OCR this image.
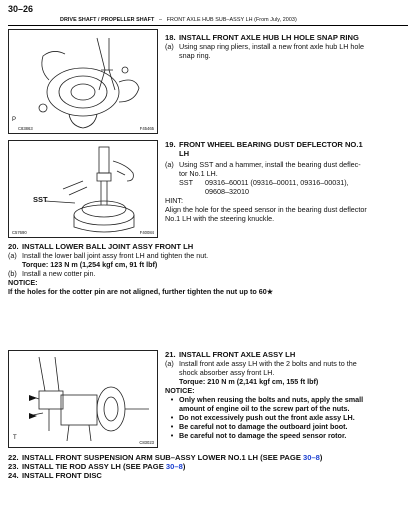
30–26
DRIVE SHAFT / PROPELLER SHAFT – FRONT AXLE HUB SUB–ASSY LH (From July, 2003)
P
C83863	F45465
18. INSTALL FRONT AXLE HUB LH HOLE SNAP RING
(a) Using snap ring pliers, install a new front axle hub LH hole
snap ring.
SST
C57690	F40084
19. FRONT WHEEL BEARING DUST DEFLECTOR NO.1
LH
(a) Using SST and a hammer, install the bearing dust deflec-
tor No.1 LH.
SST	09316–60011 (09316–00011, 09316–00031),
09608–32010
HINT:
Align the hole for the speed sensor in the bearing dust deflector
No.1 LH with the steering knuckle.
20. INSTALL LOWER BALL JOINT ASSY FRONT LH
(a) Install the lower ball joint assy front LH and tighten the nut.
Torque: 123 N m (1,254 kgf cm, 91 ft lbf)
(b) Install a new cotter pin.
NOTICE:
If the holes for the cotter pin are not aligned, further tighten the nut up to 60★
T
C83023
21. INSTALL FRONT AXLE ASSY LH
(a) Install front axle assy LH with the 2 bolts and nuts to the
shock absorber assy front LH.
Torque: 210 N m (2,141 kgf cm, 155 ft lbf)
NOTICE:
• Only when reusing the bolts and nuts, apply the small
amount of engine oil to the screw part of the nuts.
• Do not excessively push out the front axle assy LH.
• Be careful not to damage the outboard joint boot.
• Be careful not to damage the speed sensor rotor.
22. INSTALL FRONT SUSPENSION ARM SUB–ASSY LOWER NO.1 LH (SEE PAGE 30–8)
23. INSTALL TIE ROD ASSY LH (SEE PAGE 30–8)
24. INSTALL FRONT DISC
